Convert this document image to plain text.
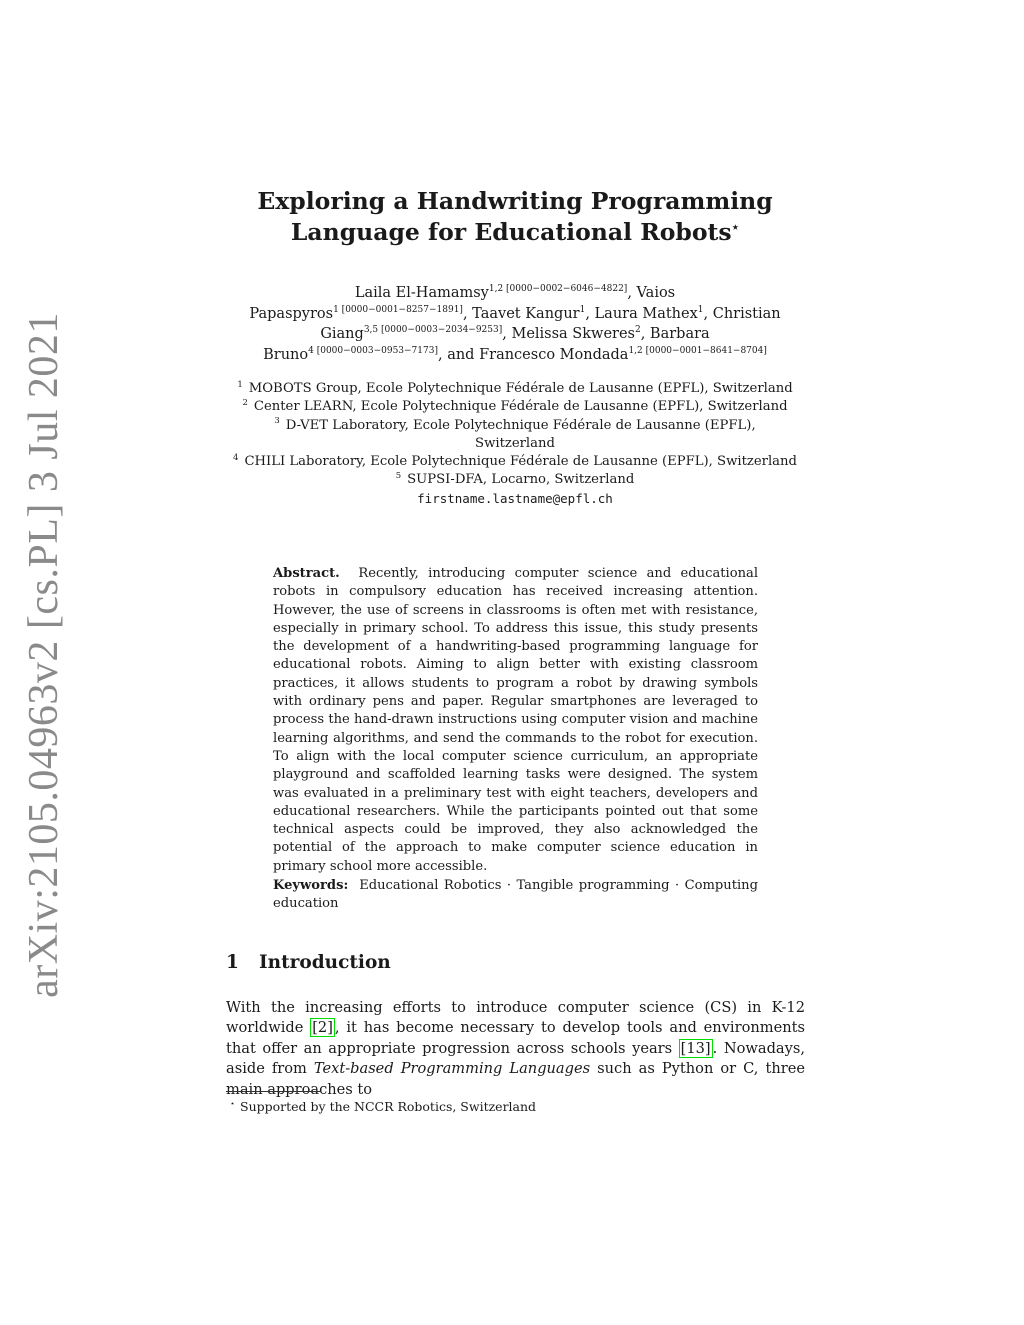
arXiv:2105.04963v2 [cs.PL] 3 Jul 2021
Exploring a Handwriting Programming
Language for Educational Robots⋆
Laila El-Hamamsy$^{1,2 [0000-0002-6046-4822]}$, Vaios
Papaspyros$^{1 [0000-0001-8257-1891]}$, Taavet Kangur$^1$, Laura Mathex$^1$, Christian
Giang$^{3,5 [0000-0003-2034-9253]}$, Melissa Skweres$^2$, Barbara
Bruno$^{4 [0000-0003-0953-7173]}$, and Francesco Mondada$^{1,2 [0000-0001-8641-8704]}$
$^1$ MOBOTS Group, Ecole Polytechnique Fédérale de Lausanne (EPFL), Switzerland
$^2$ Center LEARN, Ecole Polytechnique Fédérale de Lausanne (EPFL), Switzerland
$^3$ D-VET Laboratory, Ecole Polytechnique Fédérale de Lausanne (EPFL),
Switzerland
$^4$ CHILI Laboratory, Ecole Polytechnique Fédérale de Lausanne (EPFL), Switzerland
$^5$ SUPSI-DFA, Locarno, Switzerland
firstname.lastname@epfl.ch
Abstract. Recently, introducing computer science and educational robots in compulsory education has received increasing attention. However, the use of screens in classrooms is often met with resistance, especially in primary school. To address this issue, this study presents the development of a handwriting-based programming language for educational robots. Aiming to align better with existing classroom practices, it allows students to program a robot by drawing symbols with ordinary pens and paper. Regular smartphones are leveraged to process the hand-drawn instructions using computer vision and machine learning algorithms, and send the commands to the robot for execution. To align with the local computer science curriculum, an appropriate playground and scaffolded learning tasks were designed. The system was evaluated in a preliminary test with eight teachers, developers and educational researchers. While the participants pointed out that some technical aspects could be improved, they also acknowledged the potential of the approach to make computer science education in primary school more accessible.
Keywords: Educational Robotics · Tangible programming · Computing education
1 Introduction
With the increasing efforts to introduce computer science (CS) in K-12 worldwide [2] , it has become necessary to develop tools and environments that offer an appropriate progression across schools years [13] . Nowadays, aside from Text-based Programming Languages such as Python or C, three main approaches to
⋆ Supported by the NCCR Robotics, Switzerland
